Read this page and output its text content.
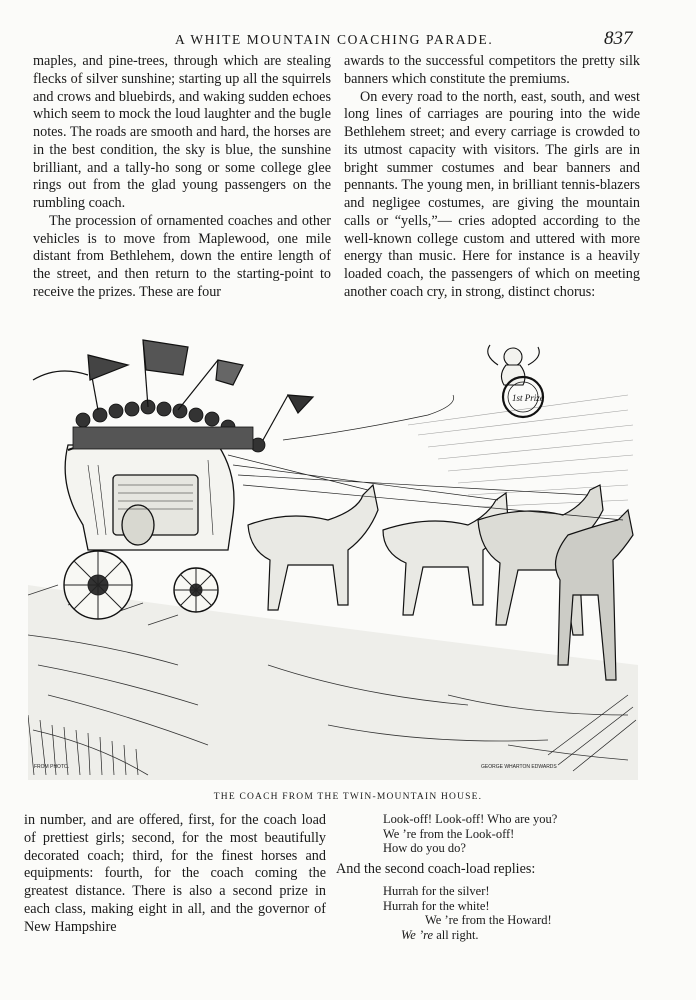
A WHITE MOUNTAIN COACHING PARADE.	837

maples, and pine-trees, through which are stealing flecks of silver sunshine; starting up all the squirrels and crows and bluebirds, and waking sudden echoes which seem to mock the loud laughter and the bugle notes. The roads are smooth and hard, the horses are in the best condition, the sky is blue, the sunshine brilliant, and a tally-ho song or some college glee rings out from the glad young passengers on the rumbling coach.

The procession of ornamented coaches and other vehicles is to move from Maplewood, one mile distant from Bethlehem, down the entire length of the street, and then return to the starting-point to receive the prizes. These are four

awards to the successful competitors the pretty silk banners which constitute the premiums.

On every road to the north, east, south, and west long lines of carriages are pouring into the wide Bethlehem street; and every carriage is crowded to its utmost capacity with visitors. The girls are in bright summer costumes and bear banners and pennants. The young men, in brilliant tennis-blazers and negligee costumes, are giving the mountain calls or “yells,”— cries adopted according to the well-known college custom and uttered with more energy than music. Here for instance is a heavily loaded coach, the passengers of which on meeting another coach cry, in strong, distinct chorus:

1st Prize
FROM PHOTO.	GEORGE WHARTON EDWARDS
THE COACH FROM THE TWIN-MOUNTAIN HOUSE.

in number, and are offered, first, for the coach load of prettiest girls; second, for the most beautifully decorated coach; third, for the finest horses and equipments: fourth, for the coach coming the greatest distance. There is also a second prize in each class, making eight in all, and the governor of New Hampshire

Look-off! Look-off! Who are you?
We ’re from the Look-off!
How do you do?
And the second coach-load replies:
Hurrah for the silver!
Hurrah for the white!
We ’re from the Howard!
We ’re all right.
